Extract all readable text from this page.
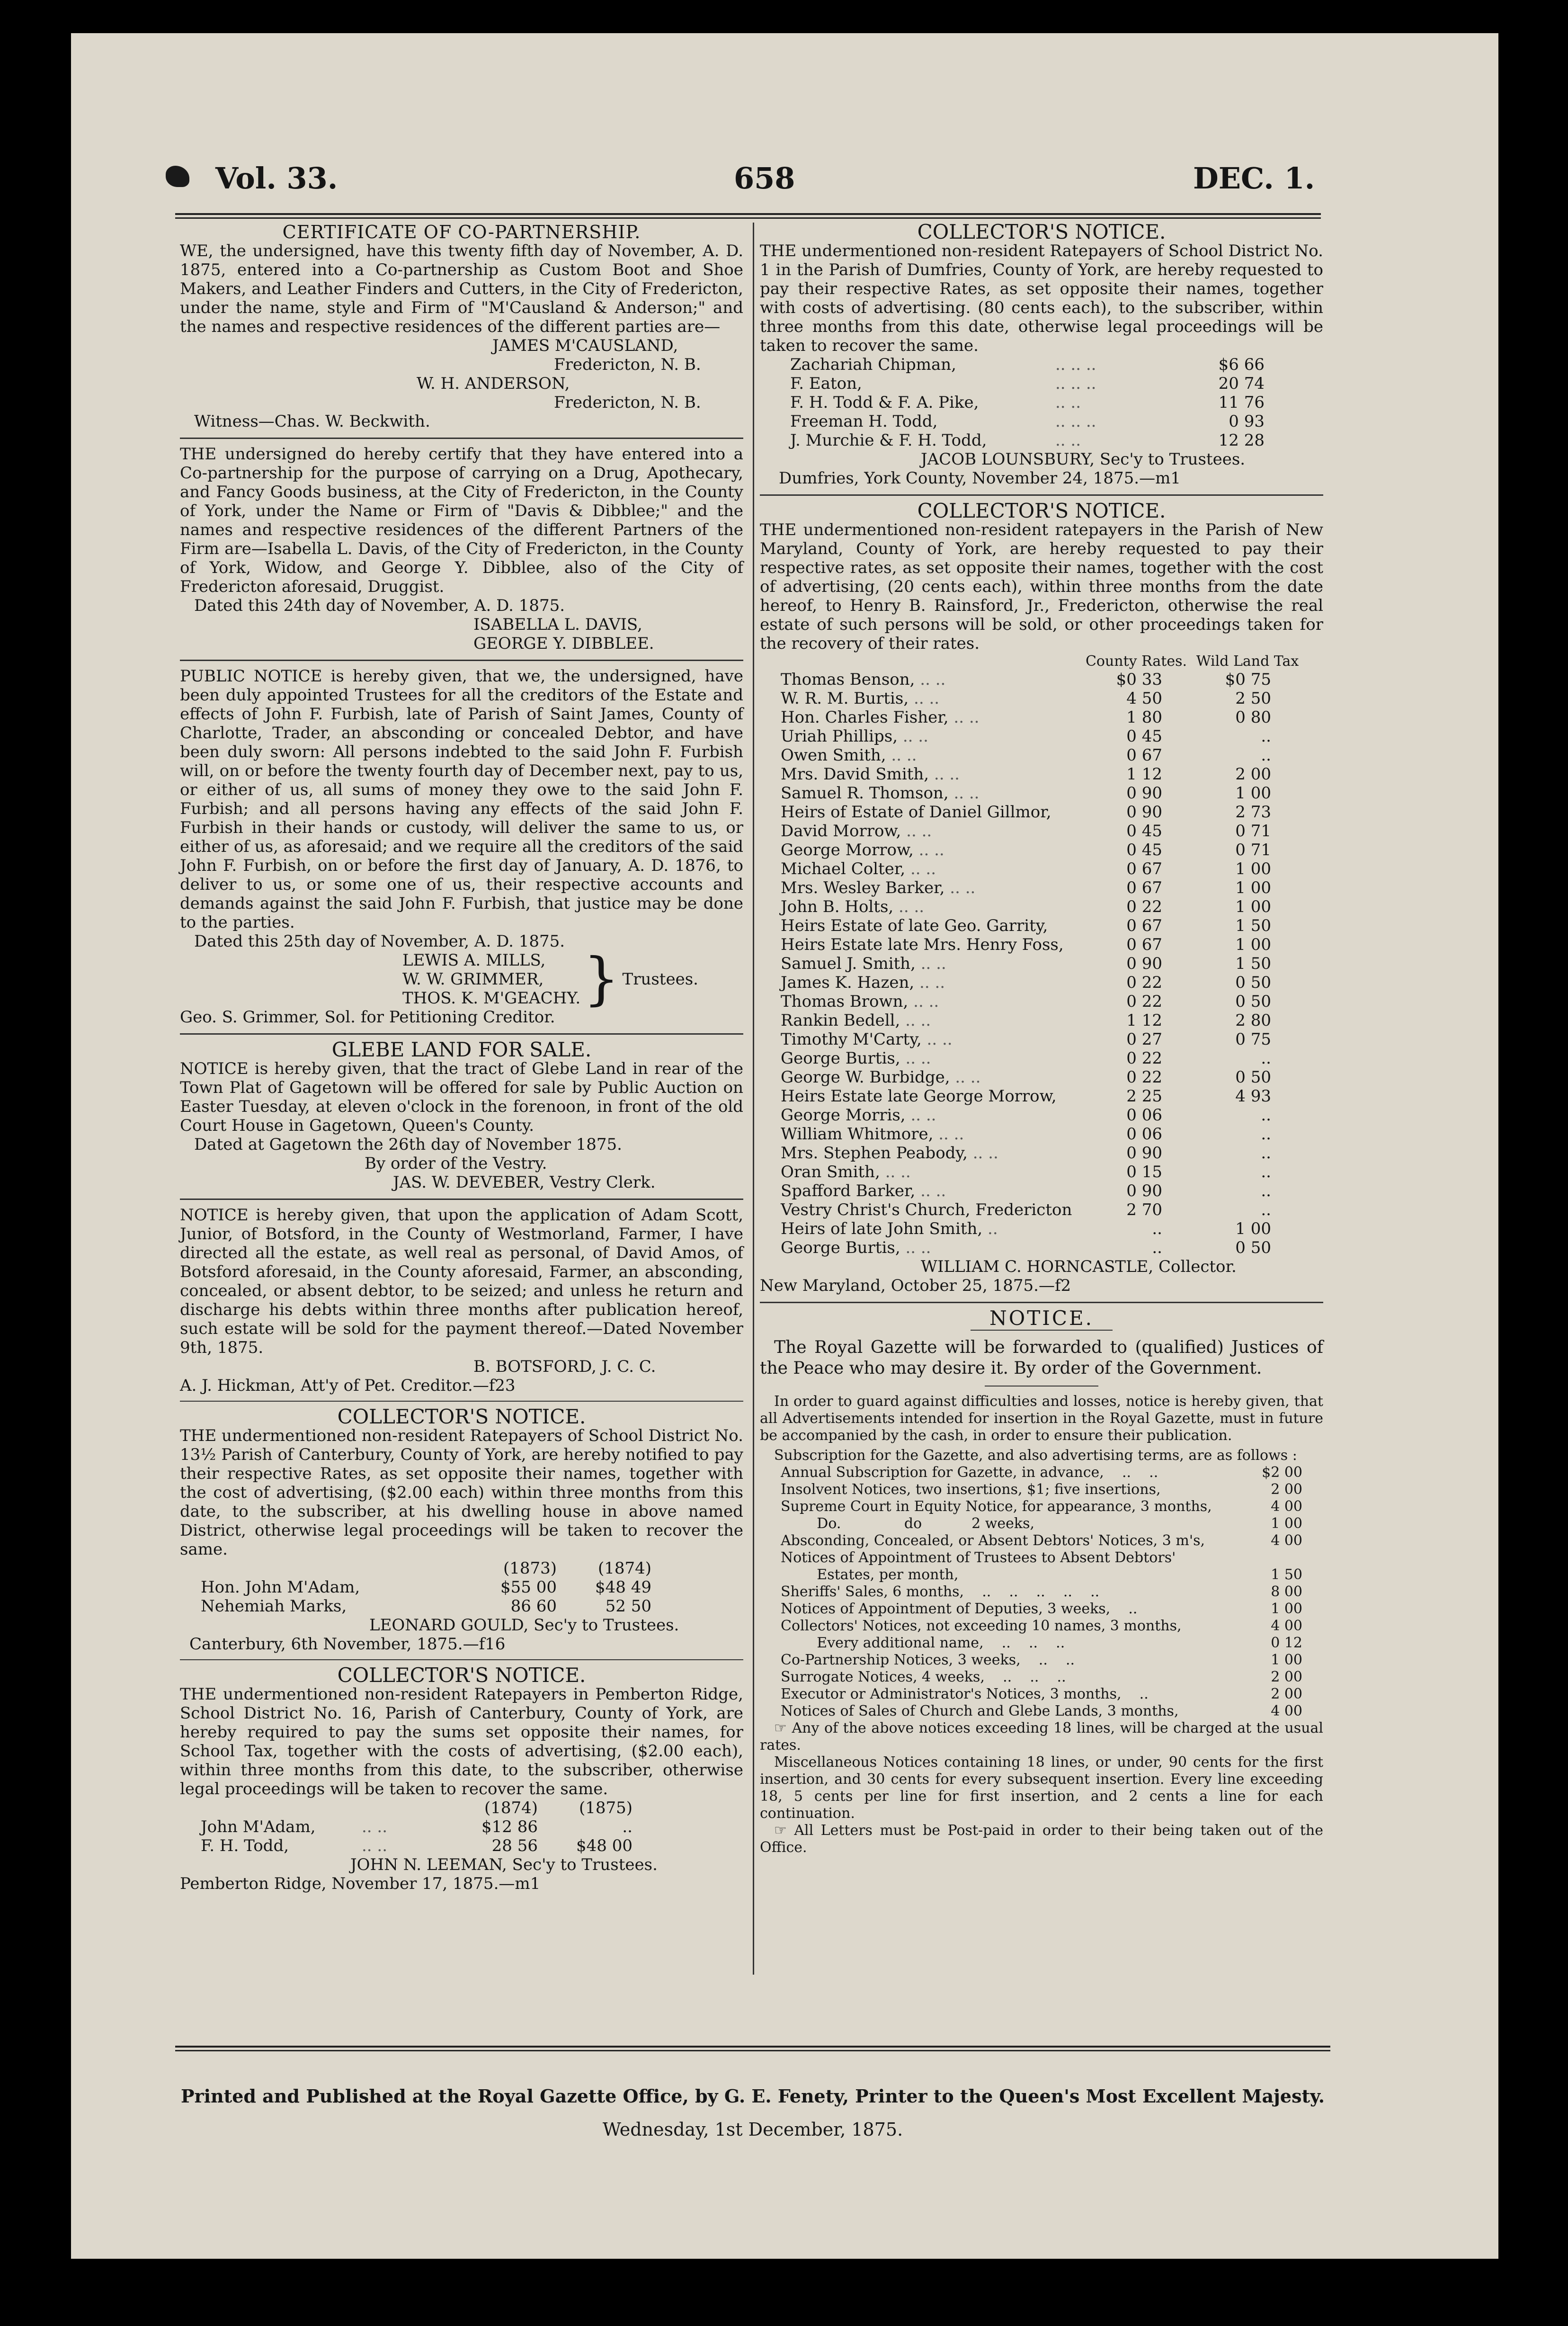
Vol. 33.	658	DEC. 1.

CERTIFICATE OF CO-PARTNERSHIP.

WE, the undersigned, have this twenty fifth day of November, A. D. 1875, entered into a Co-partnership as Custom Boot and Shoe Makers, and Leather Finders and Cutters, in the City of Fredericton, under the name, style and Firm of "M'Causland & Anderson;" and the names and respective residences of the different parties are—

JAMES M'CAUSLAND,

Fredericton, N. B.

W. H. ANDERSON,

Fredericton, N. B.

Witness—Chas. W. Beckwith.

THE undersigned do hereby certify that they have entered into a Co-partnership for the purpose of carrying on a Drug, Apothecary, and Fancy Goods business, at the City of Fredericton, in the County of York, under the Name or Firm of "Davis & Dibblee;" and the names and respective residences of the different Partners of the Firm are—Isabella L. Davis, of the City of Fredericton, in the County of York, Widow, and George Y. Dibblee, also of the City of Fredericton aforesaid, Druggist.

Dated this 24th day of November, A. D. 1875.

ISABELLA L. DAVIS,

GEORGE Y. DIBBLEE.

PUBLIC NOTICE is hereby given, that we, the undersigned, have been duly appointed Trustees for all the creditors of the Estate and effects of John F. Furbish, late of Parish of Saint James, County of Charlotte, Trader, an absconding or concealed Debtor, and have been duly sworn: All persons indebted to the said John F. Furbish will, on or before the twenty fourth day of December next, pay to us, or either of us, all sums of money they owe to the said John F. Furbish; and all persons having any effects of the said John F. Furbish in their hands or custody, will deliver the same to us, or either of us, as aforesaid; and we require all the creditors of the said John F. Furbish, on or before the first day of January, A. D. 1876, to deliver to us, or some one of us, their respective accounts and demands against the said John F. Furbish, that justice may be done to the parties.

Dated this 25th day of November, A. D. 1875.

LEWIS A. MILLS,

W. W. GRIMMER,

THOS. K. M'GEACHY. } Trustees.

Geo. S. Grimmer, Sol. for Petitioning Creditor.

GLEBE LAND FOR SALE.

NOTICE is hereby given, that the tract of Glebe Land in rear of the Town Plat of Gagetown will be offered for sale by Public Auction on Easter Tuesday, at eleven o'clock in the forenoon, in front of the old Court House in Gagetown, Queen's County.

Dated at Gagetown the 26th day of November 1875.

By order of the Vestry.

JAS. W. DEVEBER, Vestry Clerk.

NOTICE is hereby given, that upon the application of Adam Scott, Junior, of Botsford, in the County of Westmorland, Farmer, I have directed all the estate, as well real as personal, of David Amos, of Botsford aforesaid, in the County aforesaid, Farmer, an absconding, concealed, or absent debtor, to be seized; and unless he return and discharge his debts within three months after publication hereof, such estate will be sold for the payment thereof.—Dated November 9th, 1875.

B. BOTSFORD, J. C. C.

A. J. Hickman, Att'y of Pet. Creditor.—f23

COLLECTOR'S NOTICE.

THE undermentioned non-resident Ratepayers of School District No. 13½ Parish of Canterbury, County of York, are hereby notified to pay their respective Rates, as set opposite their names, together with the cost of advertising, ($2.00 each) within three months from this date, to the subscriber, at his dwelling house in above named District, otherwise legal proceedings will be taken to recover the same.

	(1873)	(1874)
Hon. John M'Adam,	$55 00	$48 49
Nehemiah Marks,	86 60	52 50

LEONARD GOULD, Sec'y to Trustees.

Canterbury, 6th November, 1875.—f16

COLLECTOR'S NOTICE.

THE undermentioned non-resident Ratepayers in Pemberton Ridge, School District No. 16, Parish of Canterbury, County of York, are hereby required to pay the sums set opposite their names, for School Tax, together with the costs of advertising, ($2.00 each), within three months from this date, to the subscriber, otherwise legal proceedings will be taken to recover the same.

		(1874)	(1875)
John M'Adam,	.. ..	$12 86	..
F. H. Todd,	.. ..	28 56	$48 00

JOHN N. LEEMAN, Sec'y to Trustees.

Pemberton Ridge, November 17, 1875.—m1

COLLECTOR'S NOTICE.

THE undermentioned non-resident Ratepayers of School District No. 1 in the Parish of Dumfries, County of York, are hereby requested to pay their respective Rates, as set opposite their names, together with costs of advertising. (80 cents each), to the subscriber, within three months from this date, otherwise legal proceedings will be taken to recover the same.

Zachariah Chipman,	.. .. ..	$6 66
F. Eaton,	.. .. ..	20 74
F. H. Todd & F. A. Pike,	.. ..	11 76
Freeman H. Todd,	.. .. ..	0 93
J. Murchie & F. H. Todd,	.. ..	12 28

JACOB LOUNSBURY, Sec'y to Trustees.

Dumfries, York County, November 24, 1875.—m1

COLLECTOR'S NOTICE.

THE undermentioned non-resident ratepayers in the Parish of New Maryland, County of York, are hereby requested to pay their respective rates, as set opposite their names, together with the cost of advertising, (20 cents each), within three months from the date hereof, to Henry B. Rainsford, Jr., Fredericton, otherwise the real estate of such persons will be sold, or other proceedings taken for the recovery of their rates.

	County Rates.	Wild Land Tax
Thomas Benson, .. ..	$0 33	$0 75
W. R. M. Burtis, .. ..	4 50	2 50
Hon. Charles Fisher, .. ..	1 80	0 80
Uriah Phillips, .. ..	0 45	..
Owen Smith, .. ..	0 67	..
Mrs. David Smith, .. ..	1 12	2 00
Samuel R. Thomson, .. ..	0 90	1 00
Heirs of Estate of Daniel Gillmor,	0 90	2 73
David Morrow, .. ..	0 45	0 71
George Morrow, .. ..	0 45	0 71
Michael Colter, .. ..	0 67	1 00
Mrs. Wesley Barker, .. ..	0 67	1 00
John B. Holts, .. ..	0 22	1 00
Heirs Estate of late Geo. Garrity,	0 67	1 50
Heirs Estate late Mrs. Henry Foss,	0 67	1 00
Samuel J. Smith, .. ..	0 90	1 50
James K. Hazen, .. ..	0 22	0 50
Thomas Brown, .. ..	0 22	0 50
Rankin Bedell, .. ..	1 12	2 80
Timothy M'Carty, .. ..	0 27	0 75
George Burtis, .. ..	0 22	..
George W. Burbidge, .. ..	0 22	0 50
Heirs Estate late George Morrow,	2 25	4 93
George Morris, .. ..	0 06	..
William Whitmore, .. ..	0 06	..
Mrs. Stephen Peabody, .. ..	0 90	..
Oran Smith, .. ..	0 15	..
Spafford Barker, .. ..	0 90	..
Vestry Christ's Church, Fredericton	2 70	..
Heirs of late John Smith, ..	..	1 00
George Burtis, .. ..	..	0 50

WILLIAM C. HORNCASTLE, Collector.

New Maryland, October 25, 1875.—f2

NOTICE.

The Royal Gazette will be forwarded to (qualified) Justices of the Peace who may desire it. By order of the Government.

In order to guard against difficulties and losses, notice is hereby given, that all Advertisements intended for insertion in the Royal Gazette, must in future be accompanied by the cash, in order to ensure their publication.

Subscription for the Gazette, and also advertising terms, are as follows :

Annual Subscription for Gazette, in advance,    ..    ..	$2 00
Insolvent Notices, two insertions, $1; five insertions,	2 00
Supreme Court in Equity Notice, for appearance, 3 months,	4 00
Do.              do           2 weeks,	1 00
Absconding, Concealed, or Absent Debtors' Notices, 3 m's,	4 00
Notices of Appointment of Trustees to Absent Debtors'	
Estates, per month,	1 50
Sheriffs' Sales, 6 months,    ..    ..    ..    ..    ..	8 00
Notices of Appointment of Deputies, 3 weeks,    ..	1 00
Collectors' Notices, not exceeding 10 names, 3 months,	4 00
Every additional name,    ..    ..    ..	0 12
Co-Partnership Notices, 3 weeks,    ..    ..	1 00
Surrogate Notices, 4 weeks,    ..    ..    ..	2 00
Executor or Administrator's Notices, 3 months,    ..	2 00
Notices of Sales of Church and Glebe Lands, 3 months,	4 00

☞ Any of the above notices exceeding 18 lines, will be charged at the usual rates.

Miscellaneous Notices containing 18 lines, or under, 90 cents for the first insertion, and 30 cents for every subsequent insertion. Every line exceeding 18, 5 cents per line for first insertion, and 2 cents a line for each continuation.

☞ All Letters must be Post-paid in order to their being taken out of the Office.

Printed and Published at the Royal Gazette Office, by G. E. Fenety, Printer to the Queen's Most Excellent Majesty.
Wednesday, 1st December, 1875.
